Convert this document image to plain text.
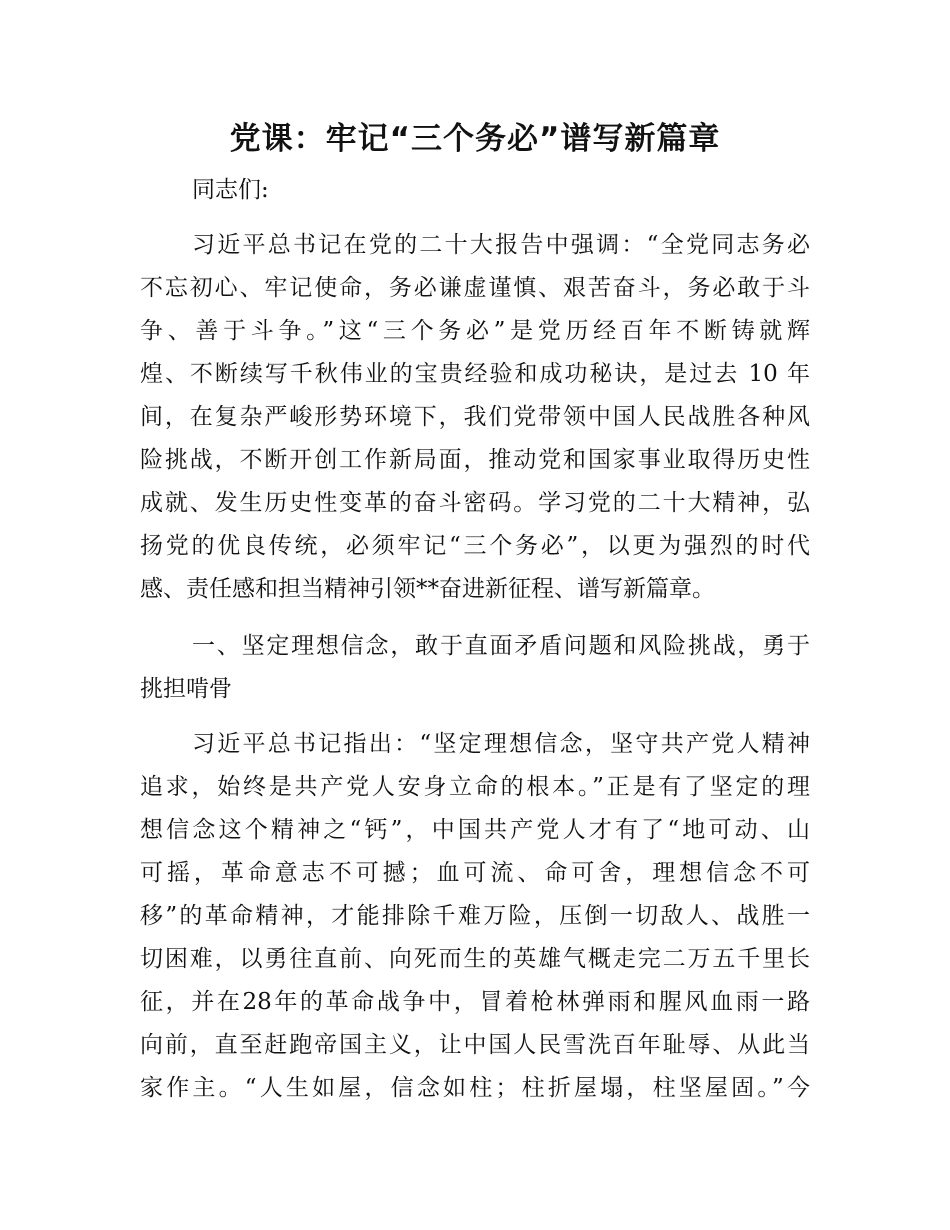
党课：牢记“三个务必”谱写新篇章
同志们:
习近平总书记在党的二十大报告中强调：“全党同志务必
不忘初心、牢记使命，务必谦虚谨慎、艰苦奋斗，务必敢于斗
争、善于斗争。”这“三个务必”是党历经百年不断铸就辉
煌、不断续写千秋伟业的宝贵经验和成功秘诀，是过去 10 年
间，在复杂严峻形势环境下，我们党带领中国人民战胜各种风
险挑战，不断开创工作新局面，推动党和国家事业取得历史性
成就、发生历史性变革的奋斗密码。学习党的二十大精神，弘
扬党的优良传统，必须牢记“三个务必”，以更为强烈的时代
感、责任感和担当精神引领**奋进新征程、谱写新篇章。
一、坚定理想信念，敢于直面矛盾问题和风险挑战，勇于
挑担啃骨
习近平总书记指出：“坚定理想信念，坚守共产党人精神
追求，始终是共产党人安身立命的根本。”正是有了坚定的理
想信念这个精神之“钙”，中国共产党人才有了“地可动、山
可摇，革命意志不可撼；血可流、命可舍，理想信念不可
移”的革命精神，才能排除千难万险，压倒一切敌人、战胜一
切困难，以勇往直前、向死而生的英雄气概走完二万五千里长
征，并在28年的革命战争中，冒着枪林弹雨和腥风血雨一路
向前，直至赶跑帝国主义，让中国人民雪洗百年耻辱、从此当
家作主。“人生如屋，信念如柱；柱折屋塌，柱坚屋固。”今
